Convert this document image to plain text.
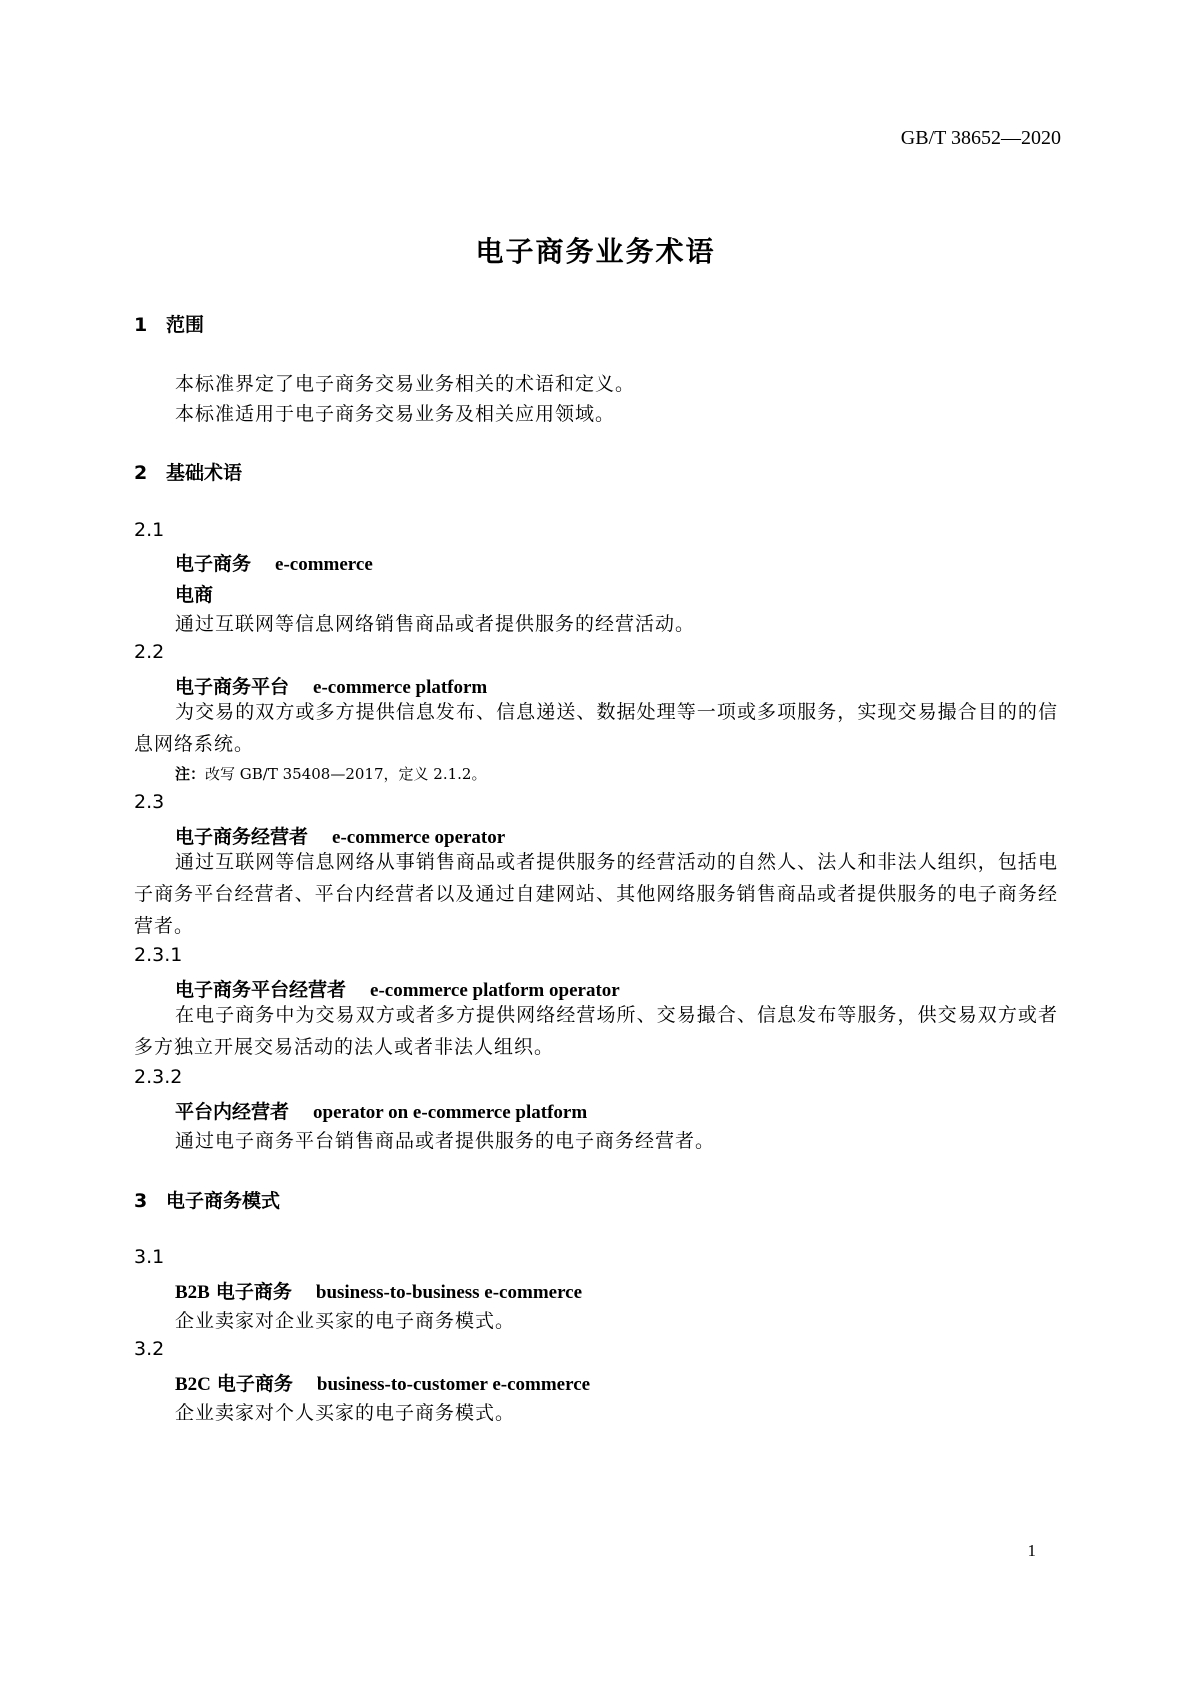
GB/T 38652—2020
电子商务业务术语
1 范围
本标准界定了电子商务交易业务相关的术语和定义。
本标准适用于电子商务交易业务及相关应用领域。
2 基础术语
2.1
电子商务 e-commerce
电商
通过互联网等信息网络销售商品或者提供服务的经营活动。
2.2
电子商务平台 e-commerce platform
为交易的双方或多方提供信息发布、信息递送、数据处理等一项或多项服务，实现交易撮合目的的信息网络系统。
注：改写 GB/T 35408—2017，定义 2.1.2。
2.3
电子商务经营者 e-commerce operator
通过互联网等信息网络从事销售商品或者提供服务的经营活动的自然人、法人和非法人组织，包括电子商务平台经营者、平台内经营者以及通过自建网站、其他网络服务销售商品或者提供服务的电子商务经营者。
2.3.1
电子商务平台经营者 e-commerce platform operator
在电子商务中为交易双方或者多方提供网络经营场所、交易撮合、信息发布等服务，供交易双方或者多方独立开展交易活动的法人或者非法人组织。
2.3.2
平台内经营者 operator on e-commerce platform
通过电子商务平台销售商品或者提供服务的电子商务经营者。
3 电子商务模式
3.1
B2B 电子商务 business-to-business e-commerce
企业卖家对企业买家的电子商务模式。
3.2
B2C 电子商务 business-to-customer e-commerce
企业卖家对个人买家的电子商务模式。
1
